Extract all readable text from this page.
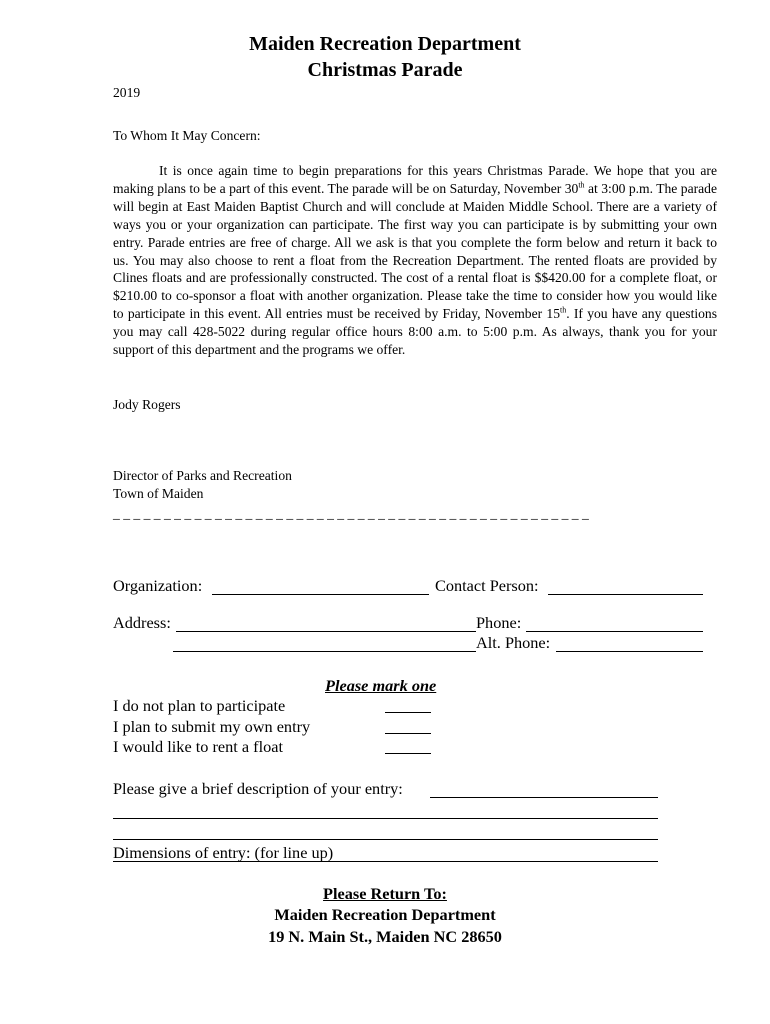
Maiden Recreation Department
Christmas Parade
2019
To Whom It May Concern:
It is once again time to begin preparations for this years Christmas Parade. We hope that you are making plans to be a part of this event. The parade will be on Saturday, November 30th at 3:00 p.m. The parade will begin at East Maiden Baptist Church and will conclude at Maiden Middle School. There are a variety of ways you or your organization can participate. The first way you can participate is by submitting your own entry. Parade entries are free of charge. All we ask is that you complete the form below and return it back to us. You may also choose to rent a float from the Recreation Department. The rented floats are provided by Clines floats and are professionally constructed. The cost of a rental float is $$420.00 for a complete float, or $210.00 to co-sponsor a float with another organization. Please take the time to consider how you would like to participate in this event. All entries must be received by Friday, November 15th. If you have any questions you may call 428-5022 during regular office hours 8:00 a.m. to 5:00 p.m. As always, thank you for your support of this department and the programs we offer.
Jody Rogers
Director of Parks and Recreation
Town of Maiden
_ _ _ _ _ _ _ _ _ _ _ _ _ _ _ _ _ _ _ _ _ _ _ _ _ _ _ _ _ _ _ _ _ _ _ _ _ _ _ _ _ _ _ _ _ _ _
Organization:	Contact Person:
Address:	Phone:
Alt. Phone:
Please mark one
I do not plan to participate
I plan to submit my own entry
I would like to rent a float
Please give a brief description of your entry:
Dimensions of entry: (for line up)
Please Return To:
Maiden Recreation Department
19 N. Main St., Maiden NC 28650
